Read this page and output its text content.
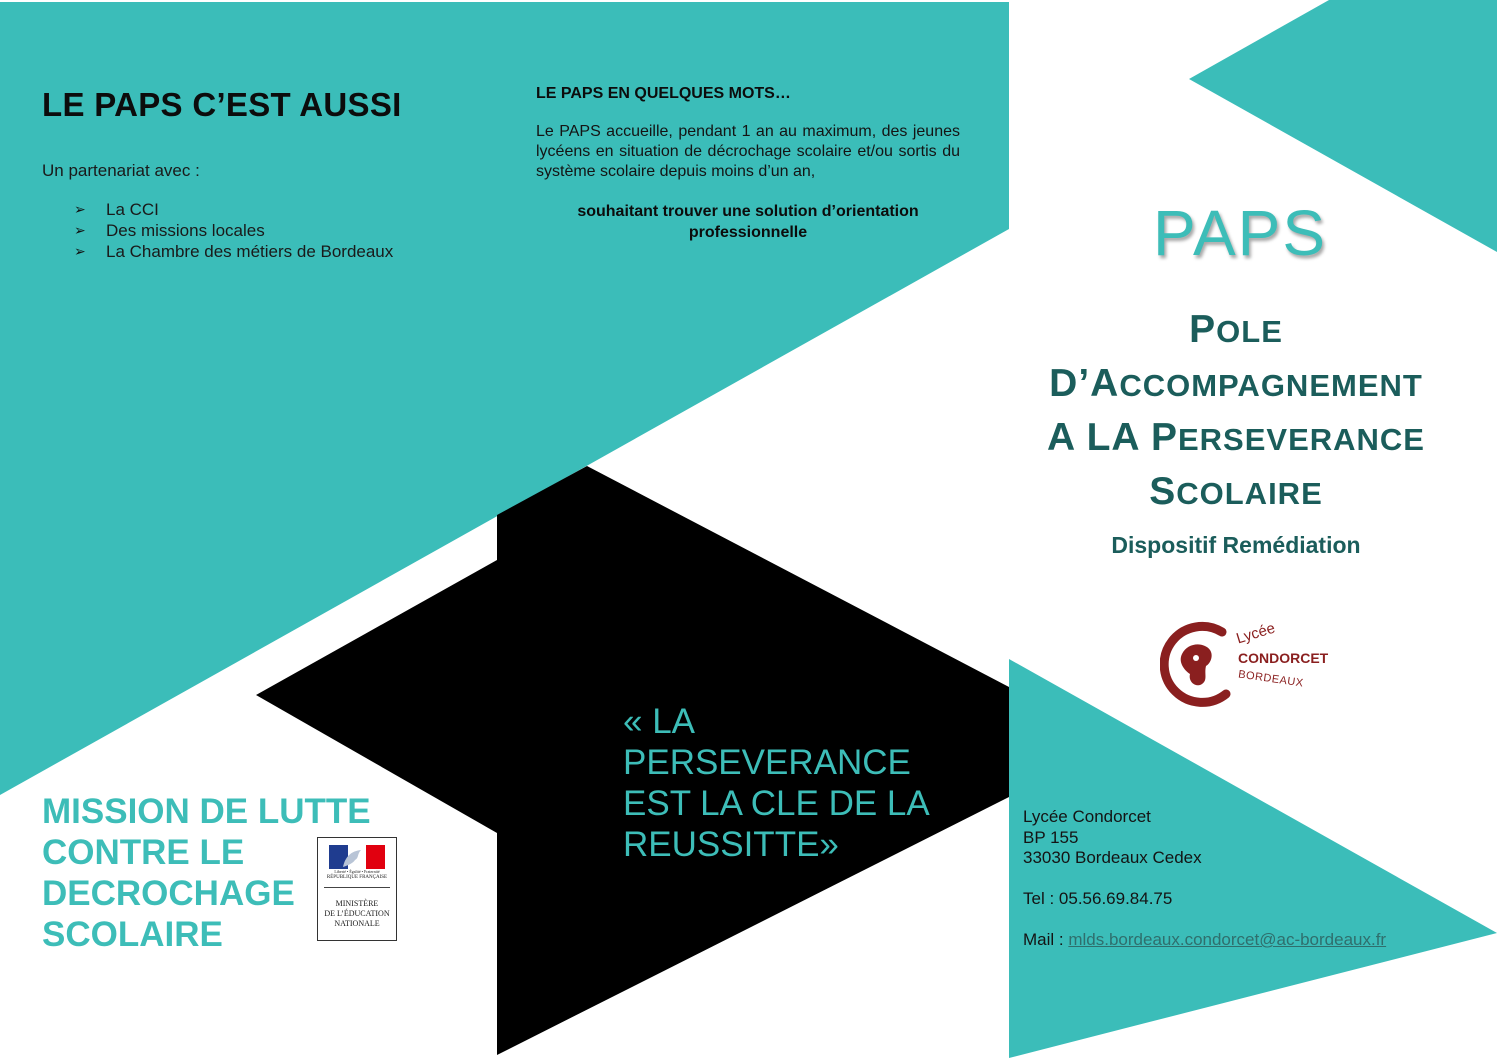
LE PAPS C’EST AUSSI
Un partenariat avec :
➢	La CCI
➢	Des missions locales
➢	La Chambre des métiers de Bordeaux
LE PAPS EN QUELQUES MOTS…
Le PAPS accueille, pendant 1 an au maximum, des jeunes lycéens en situation de décrochage scolaire et/ou sortis du système scolaire depuis moins d’un an,
souhaitant trouver une solution d’orientation professionnelle
« LA PERSEVERANCE EST LA CLE DE LA REUSSITTE»
MISSION DE LUTTE
CONTRE LE
DECROCHAGE
SCOLAIRE
Liberté • Égalité • Fraternité
RÉPUBLIQUE FRANÇAISE
MINISTÈRE
DE L’ÉDUCATION
NATIONALE
PAPS
POLE
D’ACCOMPAGNEMENT
A LA PERSEVERANCE
SCOLAIRE
Dispositif Remédiation
Lycée
CONDORCET
BORDEAUX
Lycée Condorcet
BP 155
33030 Bordeaux Cedex
Tel : 05.56.69.84.75
Mail : mlds.bordeaux.condorcet@ac-bordeaux.fr
